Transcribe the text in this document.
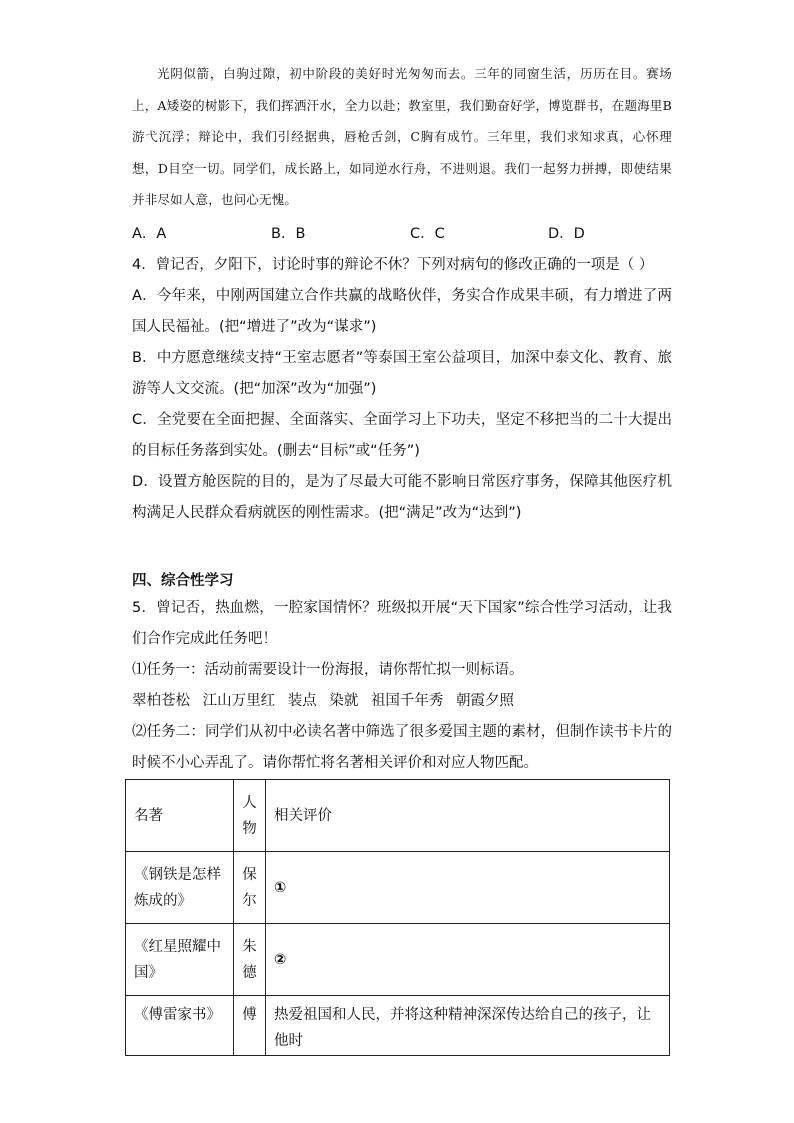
光阴似箭，白驹过隙，初中阶段的美好时光匆匆而去。三年的同窗生活，历历在目。赛场上，A矮姿的树影下，我们挥洒汗水，全力以赴；教室里，我们勤奋好学，博览群书，在题海里B游弋沉浮；辩论中，我们引经据典，唇枪舌剑，C胸有成竹。三年里，我们求知求真，心怀理想，D目空一切。同学们，成长路上，如同逆水行舟，不进则退。我们一起努力拼搏，即使结果并非尽如人意，也问心无愧。

A．A	B．B	C．C	D．D
4．曾记否，夕阳下，讨论时事的辩论不休？下列对病句的修改正确的一项是（ ）

A．今年来，中刚两国建立合作共赢的战略伙伴，务实合作成果丰硕，有力增进了两国人民福祉。(把“增进了”改为“谋求”)

B．中方愿意继续支持“王室志愿者”等泰国王室公益项目，加深中泰文化、教育、旅游等人文交流。(把“加深”改为“加强”)

C．全党要在全面把握、全面落实、全面学习上下功夫，坚定不移把当的二十大提出的目标任务落到实处。(删去“目标”或“任务”)

D．设置方舱医院的目的，是为了尽最大可能不影响日常医疗事务，保障其他医疗机构满足人民群众看病就医的刚性需求。(把“满足”改为“达到”)

四、综合性学习

5．曾记否，热血燃，一腔家国情怀？班级拟开展“天下国家”综合性学习活动，让我们合作完成此任务吧！

⑴任务一：活动前需要设计一份海报，请你帮忙拟一则标语。
翠柏苍松 江山万里红 装点 染就 祖国千年秀 朝霞夕照

⑵任务二：同学们从初中必读名著中筛选了很多爱国主题的素材，但制作读书卡片的时候不小心弄乱了。请你帮忙将名著相关评价和对应人物匹配。

名著	人物	相关评价
《钢铁是怎样炼成的》	保尔	①
《红星照耀中国》	朱德	②
《傅雷家书》	傅	热爱祖国和人民，并将这种精神深深传达给自己的孩子，让他时
